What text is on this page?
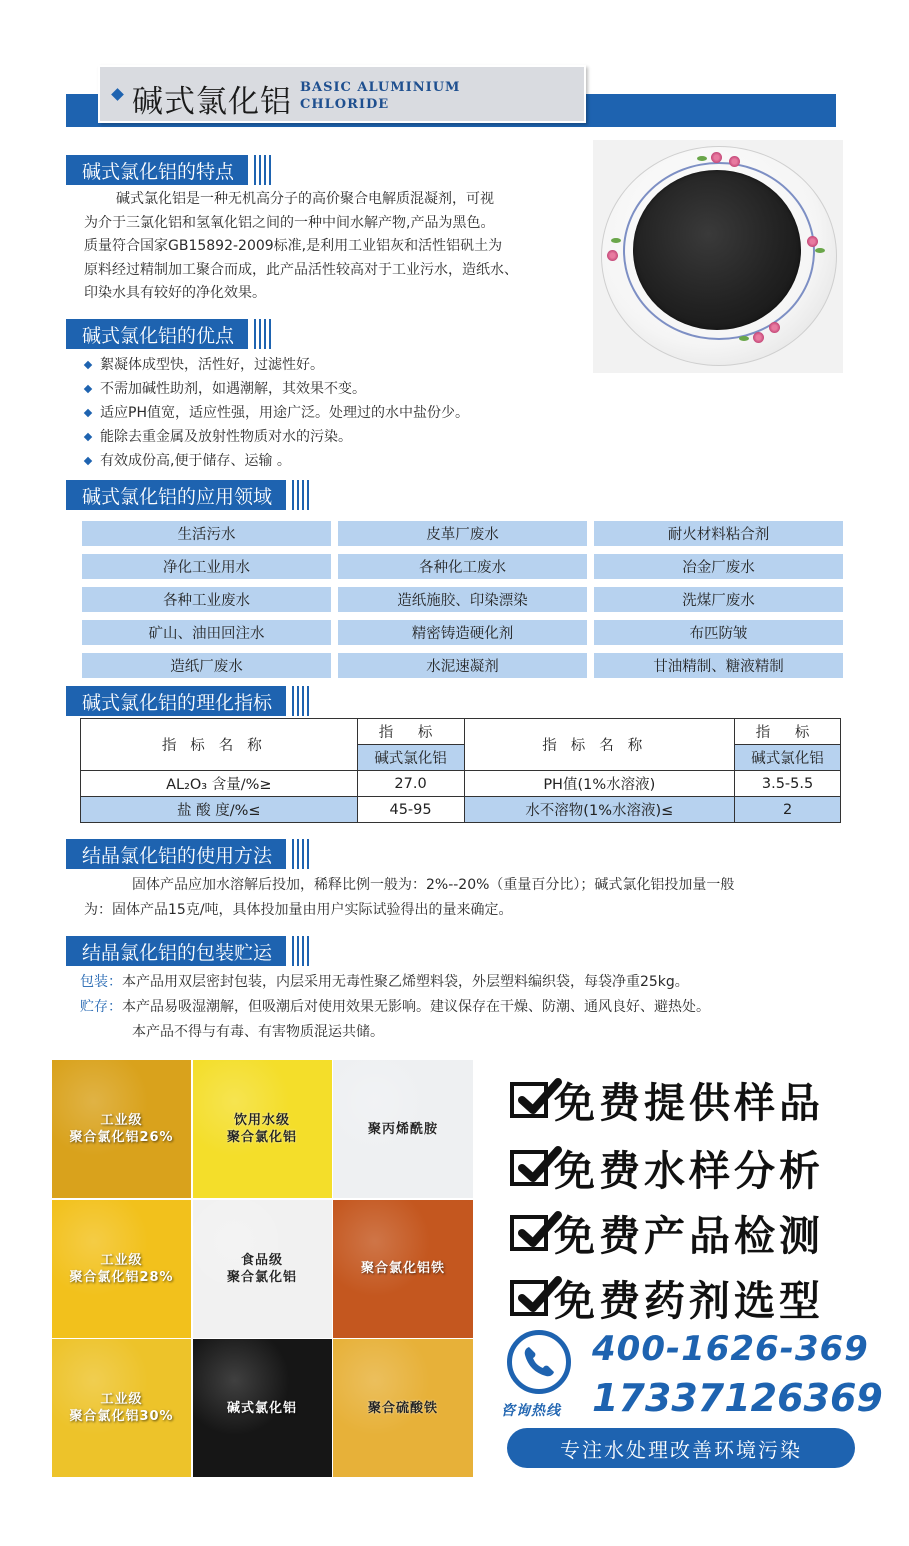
碱式氯化铝 BASIC ALUMINIUM
CHLORIDE
碱式氯化铝的特点
碱式氯化铝是一种无机高分子的高价聚合电解质混凝剂，可视
为介于三氯化铝和氢氧化铝之间的一种中间水解产物,产品为黑色。
质量符合国家GB15892-2009标准,是利用工业铝灰和活性铝矾土为
原料经过精制加工聚合而成，此产品活性较高对于工业污水，造纸水、
印染水具有较好的净化效果。
碱式氯化铝的优点
絮凝体成型快，活性好，过滤性好。
不需加碱性助剂，如遇潮解，其效果不变。
适应PH值宽，适应性强，用途广泛。处理过的水中盐份少。
能除去重金属及放射性物质对水的污染。
有效成份高,便于储存、运输 。
碱式氯化铝的应用领域
生活污水	皮革厂废水	耐火材料粘合剂
净化工业用水	各种化工废水	冶金厂废水
各种工业废水	造纸施胶、印染漂染	洗煤厂废水
矿山、油田回注水	精密铸造硬化剂	布匹防皱
造纸厂废水	水泥速凝剂	甘油精制、糖液精制
碱式氯化铝的理化指标
指标名称	指 标	指标名称	指 标
	碱式氯化铝		碱式氯化铝
AL₂O₃ 含量/%≥	27.0	PH值(1%水溶液)	3.5-5.5
盐 酸 度/%≤	45-95	水不溶物(1%水溶液)≤	2
结晶氯化铝的使用方法
固体产品应加水溶解后投加，稀释比例一般为：2%--20%（重量百分比）；碱式氯化铝投加量一般
为：固体产品15克/吨，具体投加量由用户实际试验得出的量来确定。
结晶氯化铝的包装贮运
包装：本产品用双层密封包装，内层采用无毒性聚乙烯塑料袋，外层塑料编织袋，每袋净重25kg。
贮存：本产品易吸湿潮解，但吸潮后对使用效果无影响。建议保存在干燥、防潮、通风良好、避热处。
本产品不得与有毒、有害物质混运共储。
工业级
聚合氯化铝26%
饮用水级
聚合氯化铝
聚丙烯酰胺
工业级
聚合氯化铝28%
食品级
聚合氯化铝
聚合氯化铝铁
工业级
聚合氯化铝30%
碱式氯化铝	聚合硫酸铁
免费提供样品
免费水样分析
免费产品检测
免费药剂选型
咨询热线
400-1626-369
17337126369
专注水处理改善环境污染
